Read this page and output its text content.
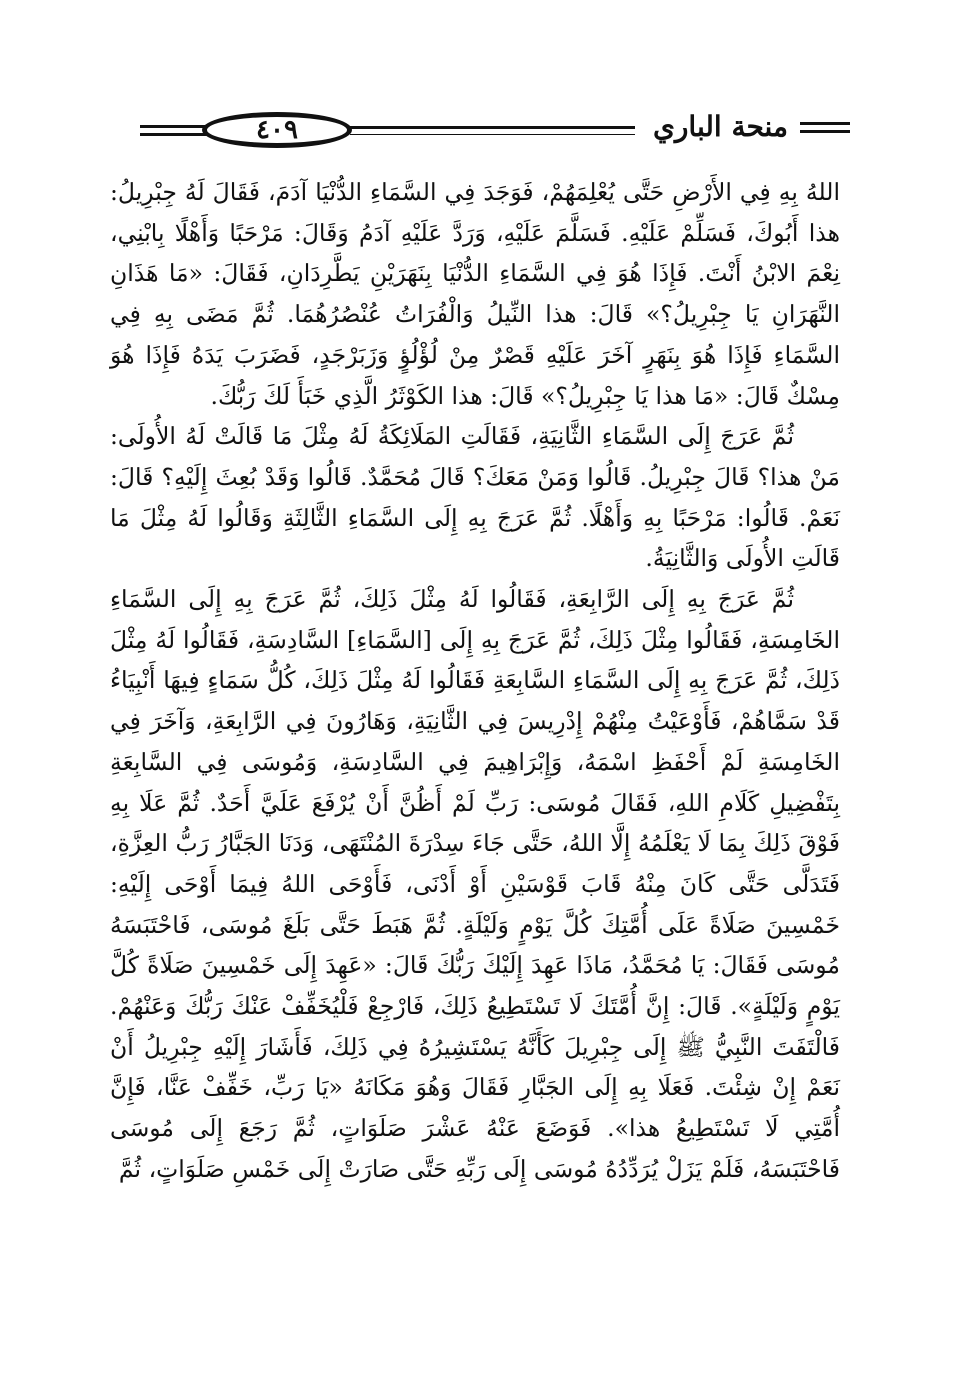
٤٠٩	منحة الباري

اللهُ بِهِ فِي الأَرْضِ حَتَّى يُعْلِمَهُمْ، فَوَجَدَ فِي السَّمَاءِ الدُّنْيَا آدَمَ، فَقَالَ لَهُ جِبْرِيلُ: هذا أَبُوكَ، فَسَلِّمْ عَلَيْهِ. فَسَلَّمَ عَلَيْهِ، وَرَدَّ عَلَيْهِ آدَمُ وَقَالَ: مَرْحَبًا وَأَهْلًا بِابْنِي، نِعْمَ الابْنُ أَنْتَ. فَإِذَا هُوَ فِي السَّمَاءِ الدُّنْيَا بِنَهَرَيْنِ يَطَّرِدَانِ، فَقَالَ: «مَا هَذَانِ النَّهَرَانِ يَا جِبْرِيلُ؟» قَالَ: هذا النِّيلُ وَالْفُرَاتُ عُنْصُرُهُمَا. ثُمَّ مَضَى بِهِ فِي السَّمَاءِ فَإِذَا هُوَ بِنَهَرٍ آخَرَ عَلَيْهِ قَصْرٌ مِنْ لُؤْلُؤٍ وَزَبَرْجَدٍ، فَضَرَبَ يَدَهُ فَإِذَا هُوَ مِسْكٌ قَالَ: «مَا هذا يَا جِبْرِيلُ؟» قَالَ: هذا الكَوْثَرُ الَّذِي خَبَأَ لَكَ رَبُّكَ.

ثُمَّ عَرَجَ إِلَى السَّمَاءِ الثَّانِيَةِ، فَقَالَتِ المَلَائِكَةُ لَهُ مِثْلَ مَا قَالَتْ لَهُ الأُولَى: مَنْ هذا؟ قَالَ جِبْرِيلُ. قَالُوا وَمَنْ مَعَكَ؟ قَالَ مُحَمَّدٌ. قَالُوا وَقَدْ بُعِثَ إِلَيْهِ؟ قَالَ: نَعَمْ. قَالُوا: مَرْحَبًا بِهِ وَأَهْلًا. ثُمَّ عَرَجَ بِهِ إِلَى السَّمَاءِ الثَّالِثَةِ وَقَالُوا لَهُ مِثْلَ مَا قَالَتِ الأُولَى وَالثَّانِيَةُ.

ثُمَّ عَرَجَ بِهِ إِلَى الرَّابِعَةِ، فَقَالُوا لَهُ مِثْلَ ذَلِكَ، ثُمَّ عَرَجَ بِهِ إِلَى السَّمَاءِ الخَامِسَةِ، فَقَالُوا مِثْلَ ذَلِكَ، ثُمَّ عَرَجَ بِهِ إِلَى [السَّمَاءِ] السَّادِسَةِ، فَقَالُوا لَهُ مِثْلَ ذَلِكَ، ثُمَّ عَرَجَ بِهِ إِلَى السَّمَاءِ السَّابِعَةِ فَقَالُوا لَهُ مِثْلَ ذَلِكَ، كُلُّ سَمَاءٍ فِيهَا أَنْبِيَاءُ قَدْ سَمَّاهُمْ، فَأَوْعَيْتُ مِنْهُمْ إِدْرِيسَ فِي الثَّانِيَةِ، وَهَارُونَ فِي الرَّابِعَةِ، وَآخَرَ فِي الخَامِسَةِ لَمْ أَحْفَظِ اسْمَهُ، وَإِبْرَاهِيمَ فِي السَّادِسَةِ، وَمُوسَى فِي السَّابِعَةِ بِتَفْضِيلِ كَلَامِ اللهِ، فَقَالَ مُوسَى: رَبِّ لَمْ أَظُنَّ أَنْ يُرْفَعَ عَلَيَّ أَحَدٌ. ثُمَّ عَلَا بِهِ فَوْقَ ذَلِكَ بِمَا لَا يَعْلَمُهُ إِلَّا اللهُ، حَتَّى جَاءَ سِدْرَةَ المُنْتَهَى، وَدَنَا الجَبَّارُ رَبُّ العِزَّةِ، فَتَدَلَّى حَتَّى كَانَ مِنْهُ قَابَ قَوْسَيْنِ أَوْ أَدْنَى، فَأَوْحَى اللهُ فِيمَا أَوْحَى إِلَيْهِ: خَمْسِينَ صَلَاةً عَلَى أُمَّتِكَ كُلَّ يَوْمٍ وَلَيْلَةٍ. ثُمَّ هَبَطَ حَتَّى بَلَغَ مُوسَى، فَاحْتَبَسَهُ مُوسَى فَقَالَ: يَا مُحَمَّدُ، مَاذَا عَهِدَ إِلَيْكَ رَبُّكَ قَالَ: «عَهِدَ إِلَى خَمْسِينَ صَلَاةً كُلَّ يَوْمٍ وَلَيْلَةٍ». قَالَ: إِنَّ أُمَّتَكَ لَا تَسْتَطِيعُ ذَلِكَ، فَارْجِعْ فَلْيُخَفِّفْ عَنْكَ رَبُّكَ وَعَنْهُمْ. فَالْتَفَتَ النَّبِيُّ ﷺ إِلَى جِبْرِيلَ كَأَنَّهُ يَسْتَشِيرُهُ فِي ذَلِكَ، فَأَشَارَ إِلَيْهِ جِبْرِيلُ أَنْ نَعَمْ إِنْ شِئْتَ. فَعَلَا بِهِ إِلَى الجَبَّارِ فَقَالَ وَهُوَ مَكَانَهُ «يَا رَبِّ، خَفِّفْ عَنَّا، فَإِنَّ أُمَّتِي لَا تَسْتَطِيعُ هذا». فَوَضَعَ عَنْهُ عَشْرَ صَلَوَاتٍ، ثُمَّ رَجَعَ إِلَى مُوسَى فَاحْتَبَسَهُ، فَلَمْ يَزَلْ يُرَدِّدُهُ مُوسَى إِلَى رَبِّهِ حَتَّى صَارَتْ إِلَى خَمْسِ صَلَوَاتٍ، ثُمَّ
